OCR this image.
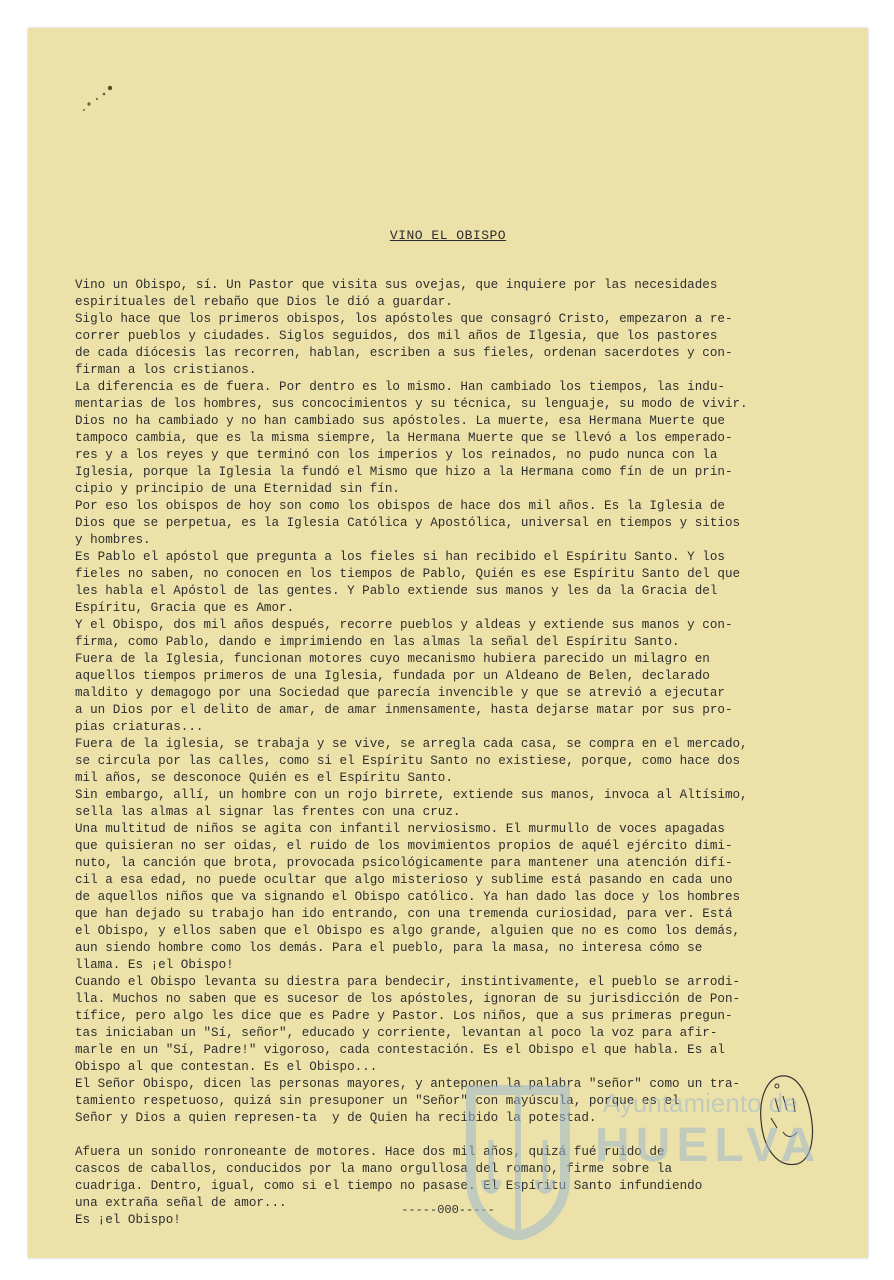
VINO EL OBISPO

Vino un Obispo, sí. Un Pastor que visita sus ovejas, que inquiere por las necesidades

espirituales del rebaño que Dios le dió a guardar.

Siglo hace que los primeros obispos, los apóstoles que consagró Cristo, empezaron a re-

correr pueblos y ciudades. Siglos seguidos, dos mil años de Ilgesia, que los pastores

de cada diócesis las recorren, hablan, escriben a sus fieles, ordenan sacerdotes y con-

firman a los cristianos.

La diferencia es de fuera. Por dentro es lo mismo. Han cambiado los tiempos, las indu-

mentarias de los hombres, sus concocimientos y su técnica, su lenguaje, su modo de vivir.

Dios no ha cambiado y no han cambiado sus apóstoles. La muerte, esa Hermana Muerte que

tampoco cambia, que es la misma siempre, la Hermana Muerte que se llevó a los emperado-

res y a los reyes y que terminó con los imperios y los reinados, no pudo nunca con la

Iglesia, porque la Iglesia la fundó el Mismo que hizo a la Hermana como fín de un prin-

cipio y principio de una Eternidad sin fín.

Por eso los obispos de hoy son como los obispos de hace dos mil años. Es la Iglesia de

Dios que se perpetua, es la Iglesia Católica y Apostólica, universal en tiempos y sitios

y hombres.

Es Pablo el apóstol que pregunta a los fieles si han recibido el Espíritu Santo. Y los

fieles no saben, no conocen en los tiempos de Pablo, Quién es ese Espíritu Santo del que

les habla el Apóstol de las gentes. Y Pablo extiende sus manos y les da la Gracia del

Espíritu, Gracia que es Amor.

Y el Obispo, dos mil años después, recorre pueblos y aldeas y extiende sus manos y con-

firma, como Pablo, dando e imprimiendo en las almas la señal del Espíritu Santo.

Fuera de la Iglesia, funcionan motores cuyo mecanismo hubiera parecido un milagro en

aquellos tiempos primeros de una Iglesia, fundada por un Aldeano de Belen, declarado

maldito y demagogo por una Sociedad que parecía invencible y que se atrevió a ejecutar

a un Dios por el delito de amar, de amar inmensamente, hasta dejarse matar por sus pro-

pias criaturas...

Fuera de la iglesia, se trabaja y se vive, se arregla cada casa, se compra en el mercado,

se circula por las calles, como si el Espíritu Santo no existiese, porque, como hace dos

mil años, se desconoce Quién es el Espíritu Santo.

Sin embargo, allí, un hombre con un rojo birrete, extiende sus manos, invoca al Altísimo,

sella las almas al signar las frentes con una cruz.

Una multitud de niños se agita con infantil nerviosismo. El murmullo de voces apagadas

que quisieran no ser oidas, el ruido de los movimientos propios de aquél ejército dimi-

nuto, la canción que brota, provocada psicológicamente para mantener una atención difí-

cil a esa edad, no puede ocultar que algo misterioso y sublime está pasando en cada uno

de aquellos niños que va signando el Obispo católico. Ya han dado las doce y los hombres

que han dejado su trabajo han ido entrando, con una tremenda curiosidad, para ver. Está

el Obispo, y ellos saben que el Obispo es algo grande, alguien que no es como los demás,

aun siendo hombre como los demás. Para el pueblo, para la masa, no interesa cómo se

llama. Es ¡el Obispo!

Cuando el Obispo levanta su diestra para bendecir, instintivamente, el pueblo se arrodi-

lla. Muchos no saben que es sucesor de los apóstoles, ignoran de su jurisdicción de Pon-

tífice, pero algo les dice que es Padre y Pastor. Los niños, que a sus primeras pregun-

tas iniciaban un "Sí, señor", educado y corriente, levantan al poco la voz para afir-

marle en un "Sí, Padre!" vigoroso, cada contestación. Es el Obispo el que habla. Es al

Obispo al que contestan. Es el Obispo...

El Señor Obispo, dicen las personas mayores, y anteponen la palabra "señor" como un tra-

tamiento respetuoso, quizá sin presuponer un "Señor" con mayúscula, porque es el

Señor y Dios a quien represen-ta  y de Quien ha recibido la potestad.

Afuera un sonido ronroneante de motores. Hace dos mil años, quizá fué ruido de

cascos de caballos, conducidos por la mano orgullosa del romano, firme sobre la

cuadriga. Dentro, igual, como si el tiempo no pasase. El Espíritu Santo infundiendo

una extraña señal de amor...

Es ¡el Obispo!

-----000-----
Ayuntamiento de
HUELVA
